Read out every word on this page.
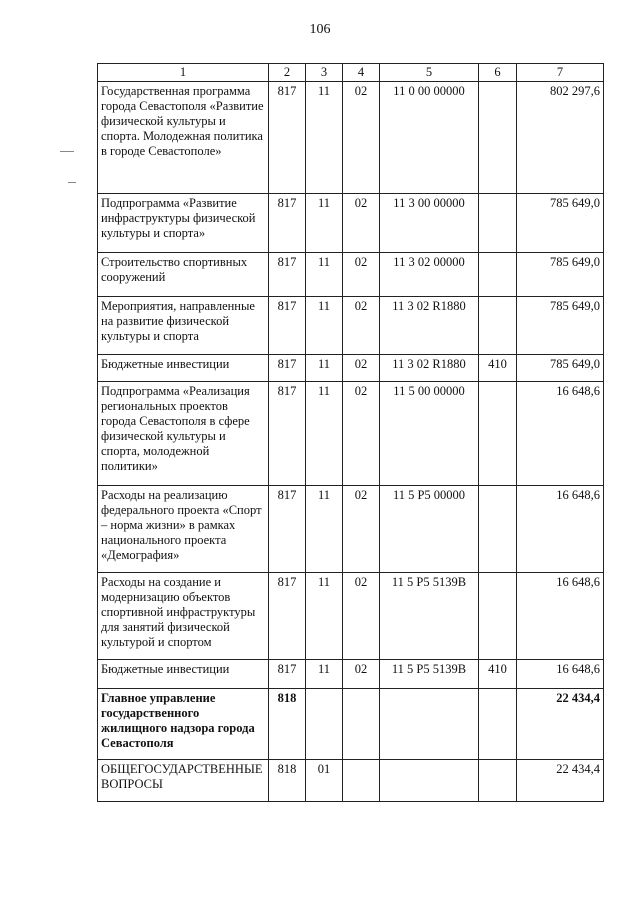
106
1	2	3	4	5	6	7
Государственная программа города Севастополя «Развитие физической культуры и спорта. Молодежная политика в городе Севастополе»	817	11	02	11 0 00 00000		802 297,6
Подпрограмма «Развитие инфраструктуры физической культуры и спорта»	817	11	02	11 3 00 00000		785 649,0
Строительство спортивных сооружений	817	11	02	11 3 02 00000		785 649,0
Мероприятия, направленные на развитие физической культуры и спорта	817	11	02	11 3 02 R1880		785 649,0
Бюджетные инвестиции	817	11	02	11 3 02 R1880	410	785 649,0
Подпрограмма «Реализация региональных проектов города Севастополя в сфере физической культуры и спорта, молодежной политики»	817	11	02	11 5 00 00000		16 648,6
Расходы на реализацию федерального проекта «Спорт – норма жизни» в рамках национального проекта «Демография»	817	11	02	11 5 P5 00000		16 648,6
Расходы на создание и модернизацию объектов спортивной инфраструктуры для занятий физической культурой и спортом	817	11	02	11 5 P5 5139B		16 648,6
Бюджетные инвестиции	817	11	02	11 5 P5 5139B	410	16 648,6
Главное управление государственного жилищного надзора города Севастополя	818					22 434,4
ОБЩЕГОСУДАРСТВЕННЫЕ ВОПРОСЫ	818	01				22 434,4
